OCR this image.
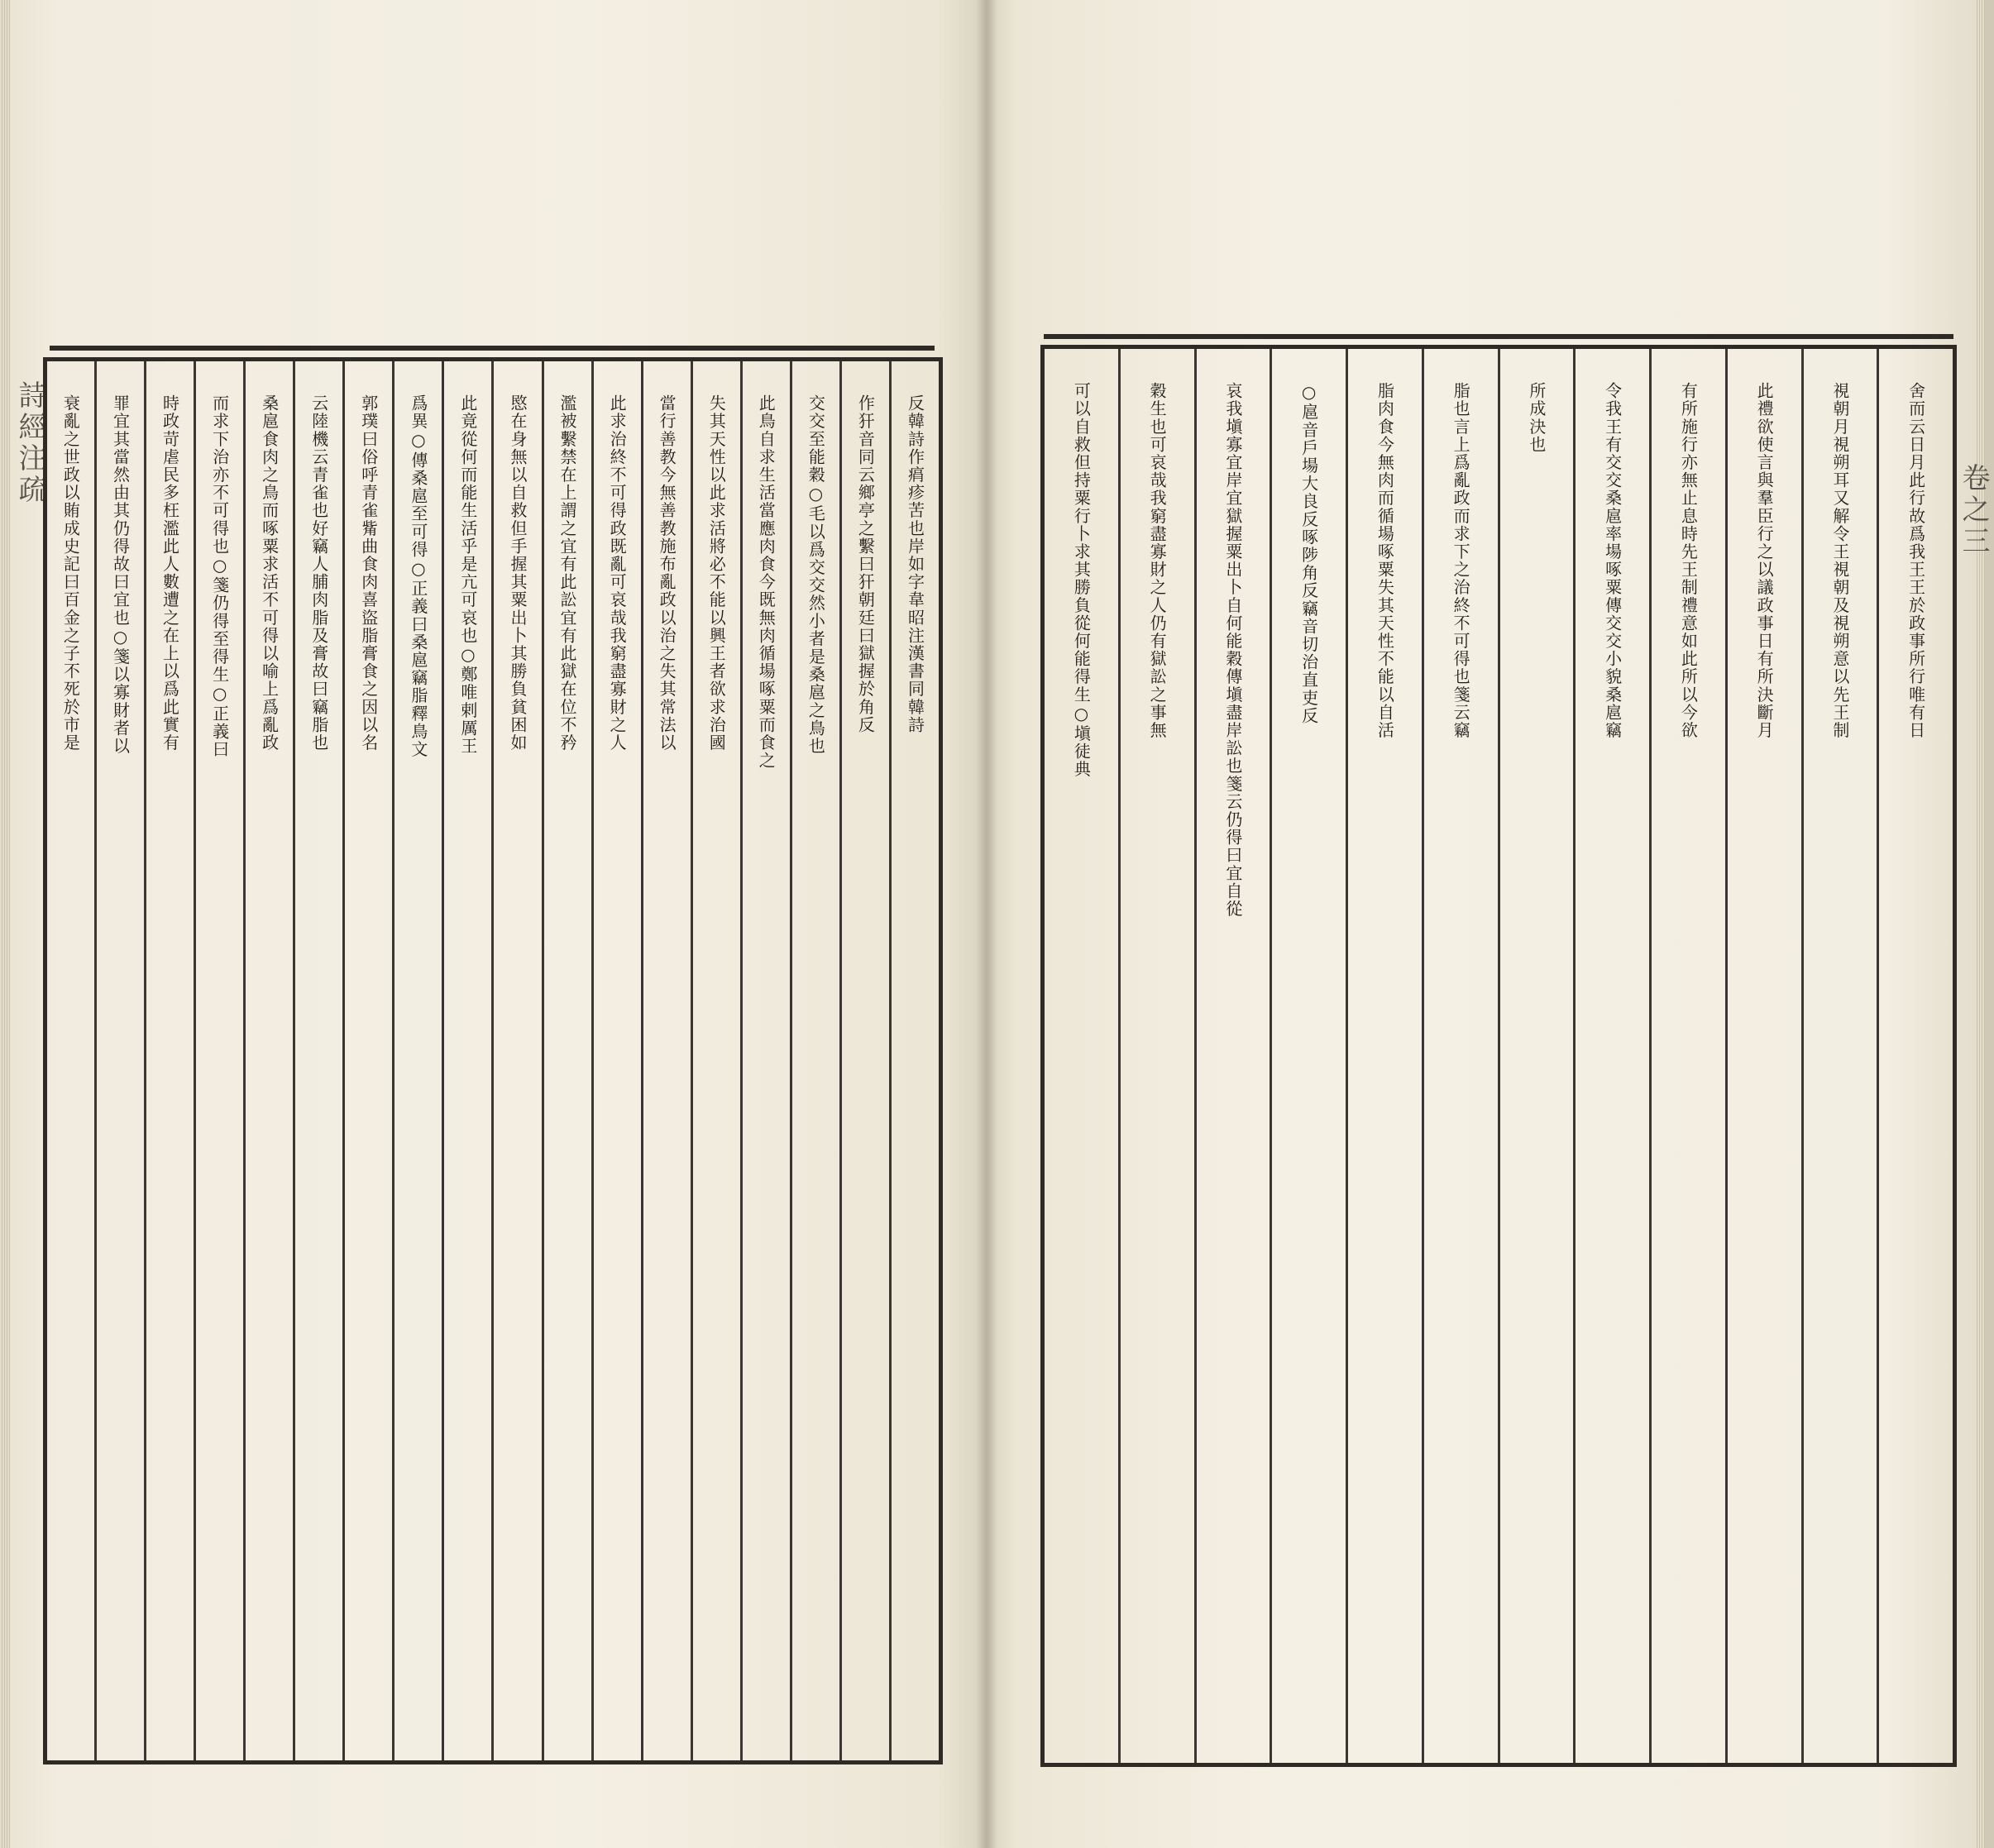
詩經注疏
卷之三
反韓詩作㾓疹苦也岸如字韋昭注漢書同韓詩
作犴音同云鄉亭之繫曰犴朝廷曰獄握於角反
交交至能穀○毛以爲交交然小者是桑扈之鳥也
此鳥自求生活當應肉食今既無肉循場啄粟而食之
失其天性以此求活將必不能以興王者欲求治國
當行善教今無善教施布亂政以治之失其常法以
此求治終不可得政既亂可哀哉我窮盡寡財之人
濫被繫禁在上謂之宜有此訟宜有此獄在位不矜
愍在身無以自救但手握其粟出卜其勝負貧困如
此竟從何而能生活乎是亢可哀也○鄭唯剌厲王
爲異○傳桑扈至可得○正義曰桑扈竊脂釋鳥文
郭璞曰俗呼青雀觜曲食肉喜盜脂膏食之因以名
云陸機云青雀也好竊人脯肉脂及膏故曰竊脂也
桑扈食肉之鳥而啄粟求活不可得以喻上爲亂政
而求下治亦不可得也○箋仍得至得生○正義曰
時政苛虐民多枉濫此人數遭之在上以爲此實有
罪宜其當然由其仍得故曰宜也○箋以寡財者以
衰亂之世政以賄成史記曰百金之子不死於市是	舍而云日月此行故爲我王王於政事所行唯有日
視朝月視朔耳又解令王視朝及視朔意以先王制
此禮欲使言與羣臣行之以議政事日有所決斷月
有所施行亦無止息時先王制禮意如此所以今欲
令我王有交交桑扈率場啄粟傳交交小貌桑扈竊
所成決也
脂也言上爲亂政而求下之治終不可得也箋云竊
脂肉食今無肉而循場啄粟失其天性不能以自活
○扈音戶場大良反啄陟角反竊音切治直吏反
哀我塡寡宜岸宜獄握粟出卜自何能穀傳塡盡岸訟也箋云仍得曰宜自從
穀生也可哀哉我窮盡寡財之人仍有獄訟之事無
可以自救但持粟行卜求其勝負從何能得生○塡徒典
